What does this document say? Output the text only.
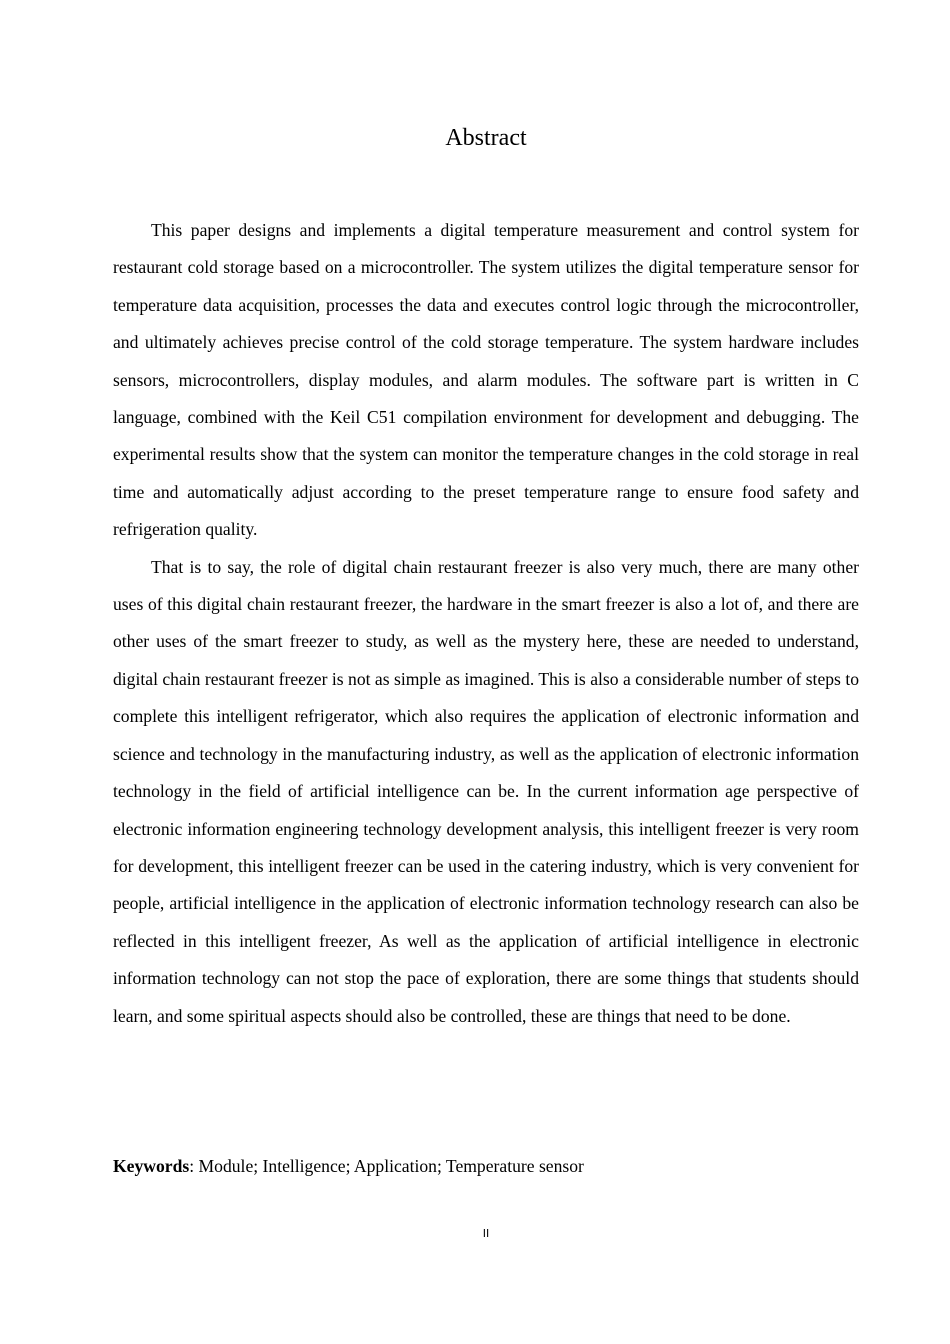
Abstract

This paper designs and implements a digital temperature measurement and control system for restaurant cold storage based on a microcontroller. The system utilizes the digital temperature sensor for temperature data acquisition, processes the data and executes control logic through the microcontroller, and ultimately achieves precise control of the cold storage temperature. The system hardware includes sensors, microcontrollers, display modules, and alarm modules. The software part is written in C language, combined with the Keil C51 compilation environment for development and debugging. The experimental results show that the system can monitor the temperature changes in the cold storage in real time and automatically adjust according to the preset temperature range to ensure food safety and refrigeration quality.

That is to say, the role of digital chain restaurant freezer is also very much, there are many other uses of this digital chain restaurant freezer, the hardware in the smart freezer is also a lot of, and there are other uses of the smart freezer to study, as well as the mystery here, these are needed to understand, digital chain restaurant freezer is not as simple as imagined. This is also a considerable number of steps to complete this intelligent refrigerator, which also requires the application of electronic information and science and technology in the manufacturing industry, as well as the application of electronic information technology in the field of artificial intelligence can be. In the current information age perspective of electronic information engineering technology development analysis, this intelligent freezer is very room for development, this intelligent freezer can be used in the catering industry, which is very convenient for people, artificial intelligence in the application of electronic information technology research can also be reflected in this intelligent freezer, As well as the application of artificial intelligence in electronic information technology can not stop the pace of exploration, there are some things that students should learn, and some spiritual aspects should also be controlled, these are things that need to be done.

Keywords: Module; Intelligence; Application; Temperature sensor

II
